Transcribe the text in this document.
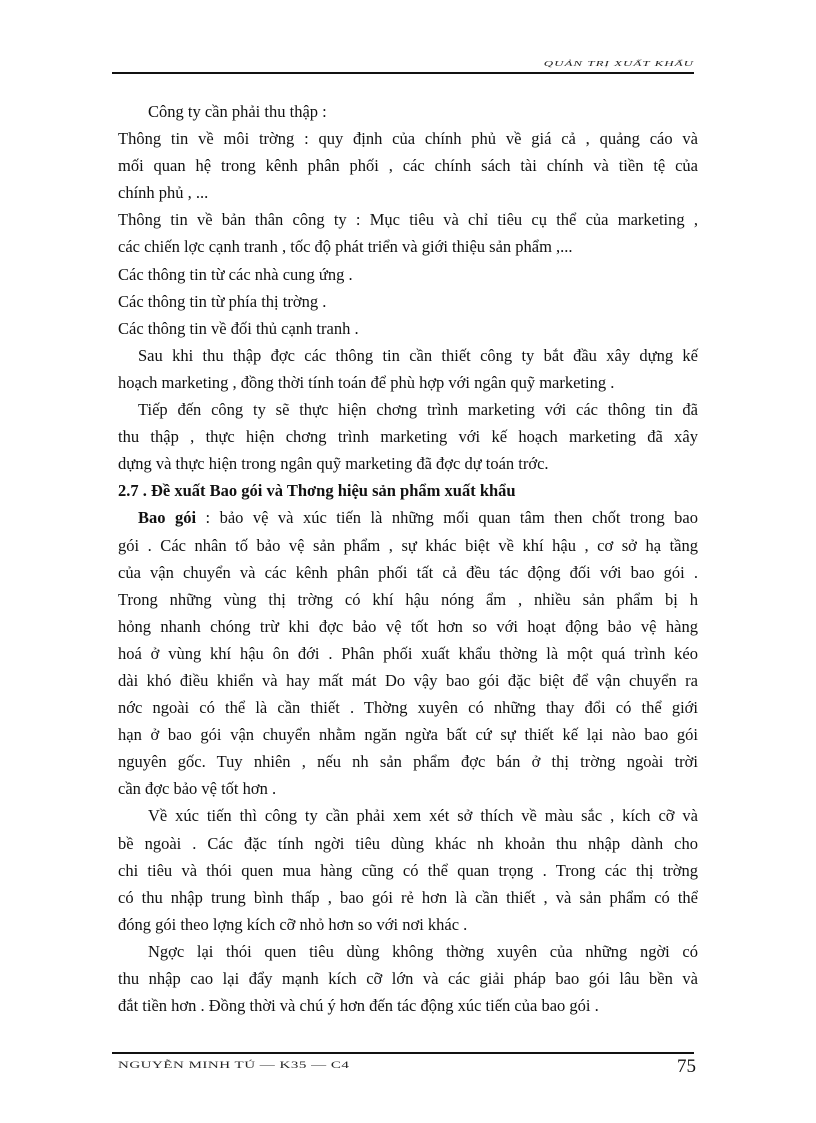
QUẢN TRỊ XUẤT KHẨU
Công ty cần phải thu thập :
Thông tin về môi trờng : quy định của chính phủ về giá cả , quảng cáo và
mối quan hệ trong kênh phân phối , các chính sách tài chính và tiền tệ của
chính phủ , ...
Thông tin về bản thân công ty : Mục tiêu và chỉ tiêu cụ thể của marketing ,
các chiến lợc cạnh tranh , tốc độ phát triển và giới thiệu sản phẩm ,...
Các thông tin từ các nhà cung ứng .
Các thông tin từ phía thị trờng .
Các thông tin về đối thủ cạnh tranh .
Sau khi thu thập đợc các thông tin cần thiết công ty bắt đầu xây dựng kế
hoạch marketing , đồng thời tính toán để phù hợp với ngân quỹ marketing .
Tiếp đến công ty sẽ thực hiện chơng trình marketing với các thông tin đã
thu thập , thực hiện chơng trình marketing với kế hoạch marketing đã xây
dựng và thực hiện trong ngân quỹ marketing đã đợc dự toán trớc.
2.7 . Đề xuất Bao gói và Thơng hiệu sản phẩm xuất khẩu
Bao gói : bảo vệ và xúc tiến là những mối quan tâm then chốt trong bao
gói . Các nhân tố bảo vệ sản phẩm , sự khác biệt về khí hậu , cơ sở hạ tầng
của vận chuyển và các kênh phân phối tất cả đều tác động đối với bao gói .
Trong những vùng thị trờng có khí hậu nóng ẩm , nhiều sản phẩm bị h
hỏng nhanh chóng trừ khi đợc bảo vệ tốt hơn so với hoạt động bảo vệ hàng
hoá ở vùng khí hậu ôn đới . Phân phối xuất khẩu thờng là một quá trình kéo
dài khó điều khiển và hay mất mát Do vậy bao gói đặc biệt để vận chuyển ra
nớc ngoài có thể là cần thiết . Thờng xuyên có những thay đổi có thể giới
hạn ở bao gói vận chuyển nhằm ngăn ngừa bất cứ sự thiết kế lại nào bao gói
nguyên gốc. Tuy nhiên , nếu nh sản phẩm đợc bán ở thị trờng ngoài trời
cần đợc bảo vệ tốt hơn .
Về xúc tiến thì công ty cần phải xem xét sở thích về màu sắc , kích cỡ và
bề ngoài . Các đặc tính ngời tiêu dùng khác nh khoản thu nhập dành cho
chi tiêu và thói quen mua hàng cũng có thể quan trọng . Trong các thị trờng
có thu nhập trung bình thấp , bao gói rẻ hơn là cần thiết , và sản phẩm có thể
đóng gói theo lợng kích cỡ nhỏ hơn so với nơi khác .
Ngợc lại thói quen tiêu dùng không thờng xuyên của những ngời có
thu nhập cao lại đẩy mạnh kích cỡ lớn và các giải pháp bao gói lâu bền và
đắt tiền hơn . Đồng thời và chú ý hơn đến tác động xúc tiến của bao gói .
NGUYỄN MINH TÚ — K35 — C4	75
